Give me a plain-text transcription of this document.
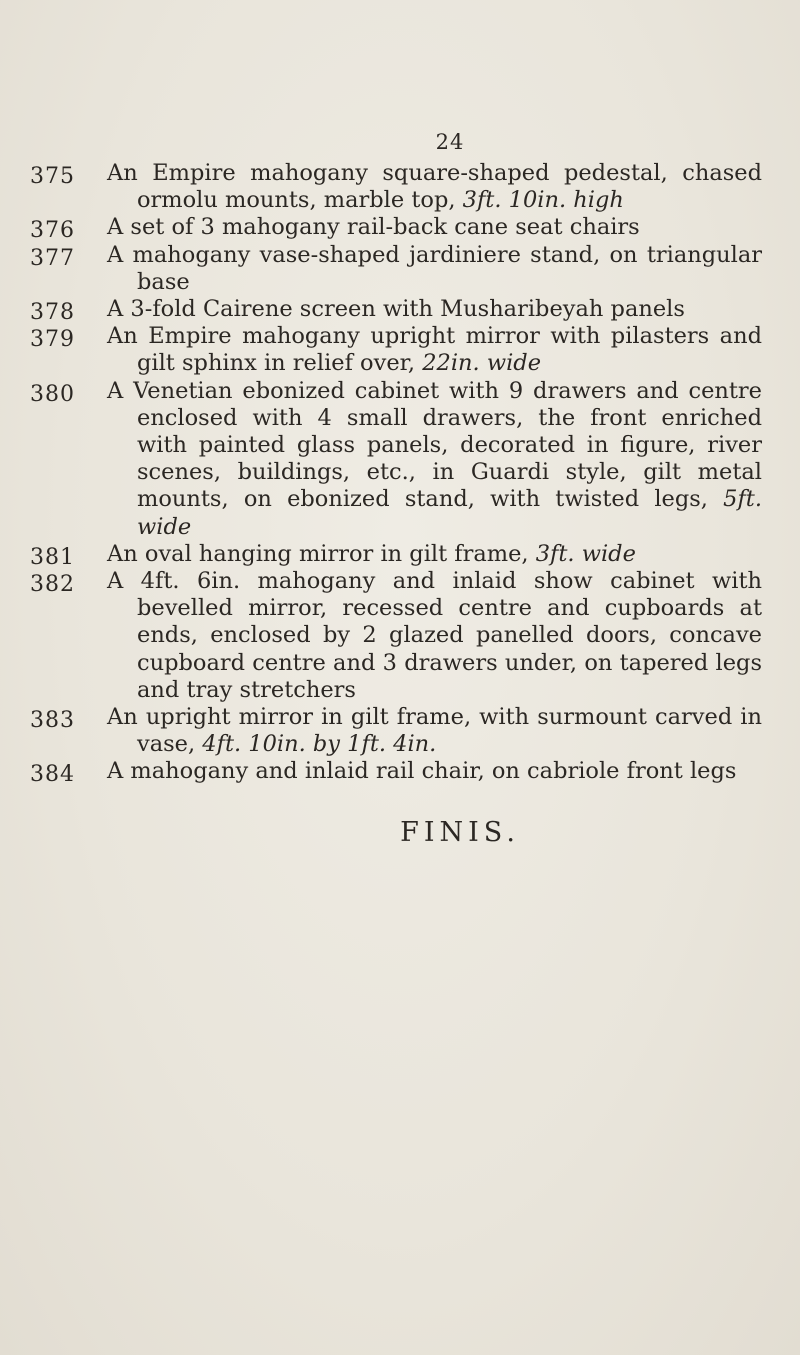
24
375	An Empire mahogany square-shaped pedestal, chased ormolu mounts, marble top, 3ft. 10in. high

376	A set of 3 mahogany rail-back cane seat chairs

377	A mahogany vase-shaped jardiniere stand, on triangular base

378	A 3-fold Cairene screen with Musharibeyah panels

379	An Empire mahogany upright mirror with pilasters and gilt sphinx in relief over, 22in. wide

380	A Venetian ebonized cabinet with 9 drawers and centre enclosed with 4 small drawers, the front enriched with painted glass panels, decorated in figure, river scenes, buildings, etc., in Guardi style, gilt metal mounts, on ebonized stand, with twisted legs, 5ft. wide

381	An oval hanging mirror in gilt frame, 3ft. wide

382	A 4ft. 6in. mahogany and inlaid show cabinet with bevelled mirror, recessed centre and cupboards at ends, enclosed by 2 glazed panelled doors, concave cupboard centre and 3 drawers under, on tapered legs and tray stretchers

383	An upright mirror in gilt frame, with surmount carved in vase, 4ft. 10in. by 1ft. 4in.

384	A mahogany and inlaid rail chair, on cabriole front legs

FINIS.
